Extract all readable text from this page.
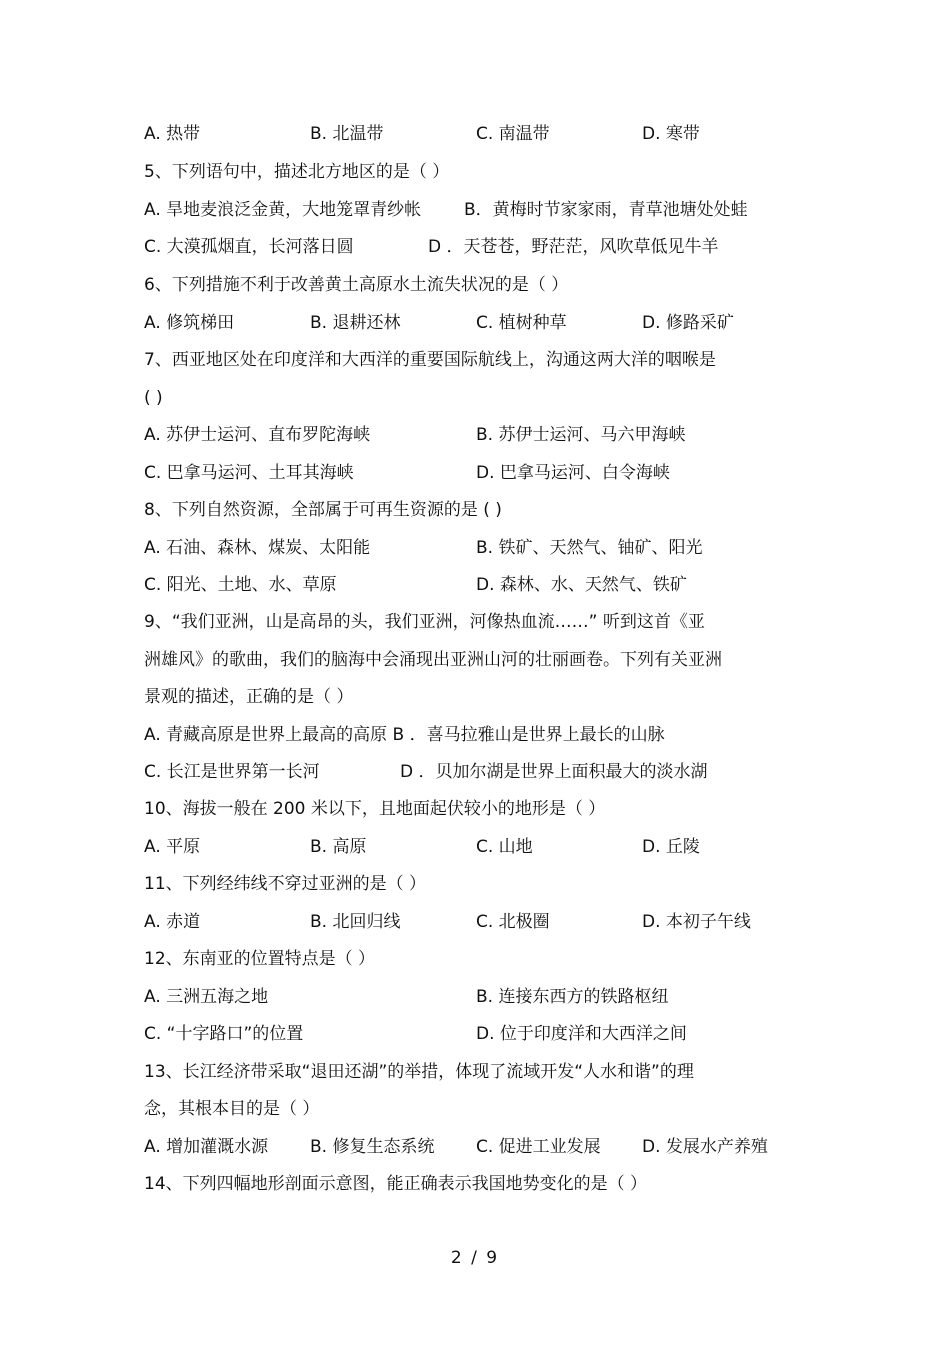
A. 热带	B. 北温带	C. 南温带	D. 寒带
5、下列语句中，描述北方地区的是（ ）
A. 旱地麦浪泛金黄，大地笼罩青纱帐	B．黄梅时节家家雨，青草池塘处处蛙
C. 大漠孤烟直，长河落日圆	D ．天苍苍，野茫茫，风吹草低见牛羊
6、下列措施不利于改善黄土高原水土流失状况的是（ ）
A. 修筑梯田	B. 退耕还林	C. 植树种草	D. 修路采矿
7、西亚地区处在印度洋和大西洋的重要国际航线上，沟通这两大洋的咽喉是
( )
A. 苏伊士运河、直布罗陀海峡	B. 苏伊士运河、马六甲海峡
C. 巴拿马运河、土耳其海峡	D. 巴拿马运河、白令海峡
8、下列自然资源，全部属于可再生资源的是 ( )
A. 石油、森林、煤炭、太阳能	B. 铁矿、天然气、铀矿、阳光
C. 阳光、土地、水、草原	D. 森林、水、天然气、铁矿
9、“我们亚洲，山是高昂的头，我们亚洲，河像热血流……” 听到这首《亚
洲雄风》的歌曲，我们的脑海中会涌现出亚洲山河的壮丽画卷。下列有关亚洲
景观的描述，正确的是（ ）
A. 青藏高原是世界上最高的高原 B ．喜马拉雅山是世界上最长的山脉
C. 长江是世界第一长河	D ．贝加尔湖是世界上面积最大的淡水湖
10、海拔一般在 200 米以下，且地面起伏较小的地形是（ ）
A. 平原	B. 高原	C. 山地	D. 丘陵
11、下列经纬线不穿过亚洲的是（ ）
A. 赤道	B. 北回归线	C. 北极圈	D. 本初子午线
12、东南亚的位置特点是（ ）
A. 三洲五海之地	B. 连接东西方的铁路枢纽
C. “十字路口”的位置	D. 位于印度洋和大西洋之间
13、长江经济带采取“退田还湖”的举措，体现了流域开发“人水和谐”的理
念，其根本目的是（ ）
A. 增加灌溉水源 B. 修复生态系统 C. 促进工业发展 D. 发展水产养殖
14、下列四幅地形剖面示意图，能正确表示我国地势变化的是（ ）
2 / 9
